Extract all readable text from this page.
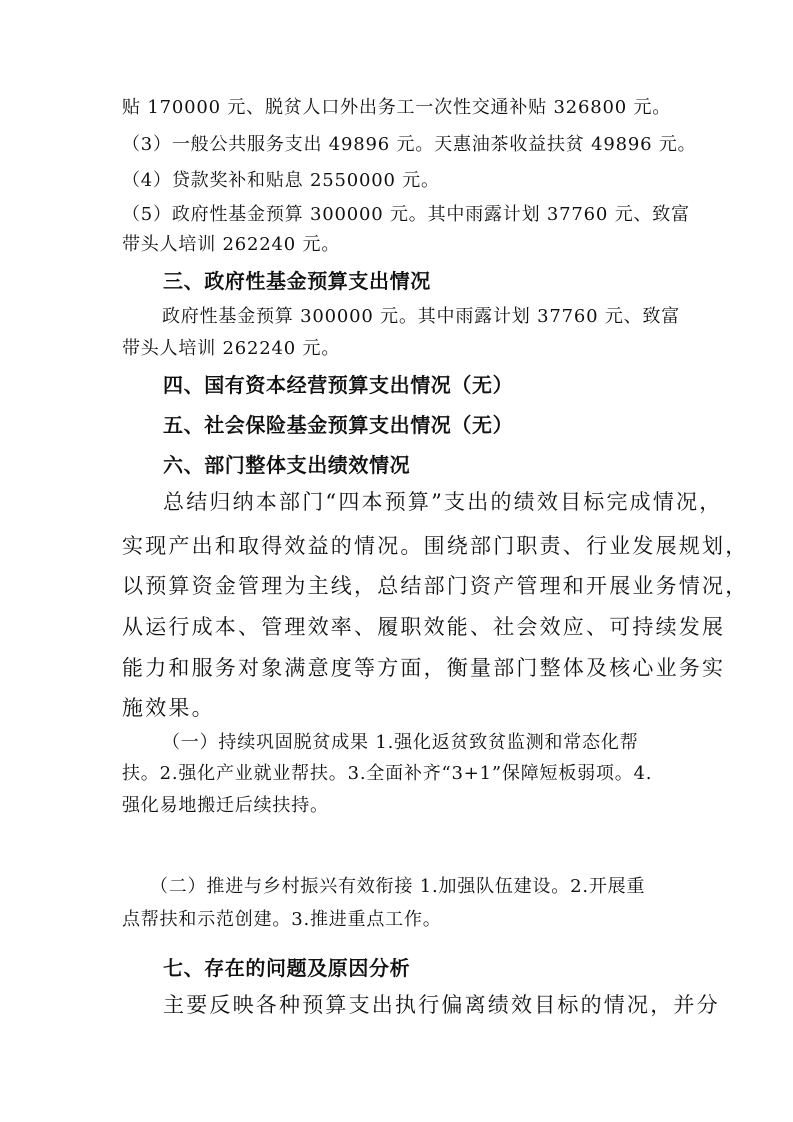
贴 170000 元、脱贫人口外出务工一次性交通补贴 326800 元。
（3）一般公共服务支出 49896 元。天惠油茶收益扶贫 49896 元。
（4）贷款奖补和贴息 2550000 元。
（5）政府性基金预算 300000 元。其中雨露计划 37760 元、致富
带头人培训 262240 元。
三、政府性基金预算支出情况
政府性基金预算 300000 元。其中雨露计划 37760 元、致富
带头人培训 262240 元。
四、国有资本经营预算支出情况（无）
五、社会保险基金预算支出情况（无）
六、部门整体支出绩效情况
总结归纳本部门“四本预算”支出的绩效目标完成情况，
实现产出和取得效益的情况。围绕部门职责、行业发展规划，
以预算资金管理为主线，总结部门资产管理和开展业务情况，
从运行成本、管理效率、履职效能、社会效应、可持续发展
能力和服务对象满意度等方面，衡量部门整体及核心业务实
施效果。
（一）持续巩固脱贫成果 1.强化返贫致贫监测和常态化帮
扶。2.强化产业就业帮扶。3.全面补齐“3+1”保障短板弱项。4.
强化易地搬迁后续扶持。
（二）推进与乡村振兴有效衔接 1.加强队伍建设。2.开展重
点帮扶和示范创建。3.推进重点工作。
七、存在的问题及原因分析
主要反映各种预算支出执行偏离绩效目标的情况，并分
